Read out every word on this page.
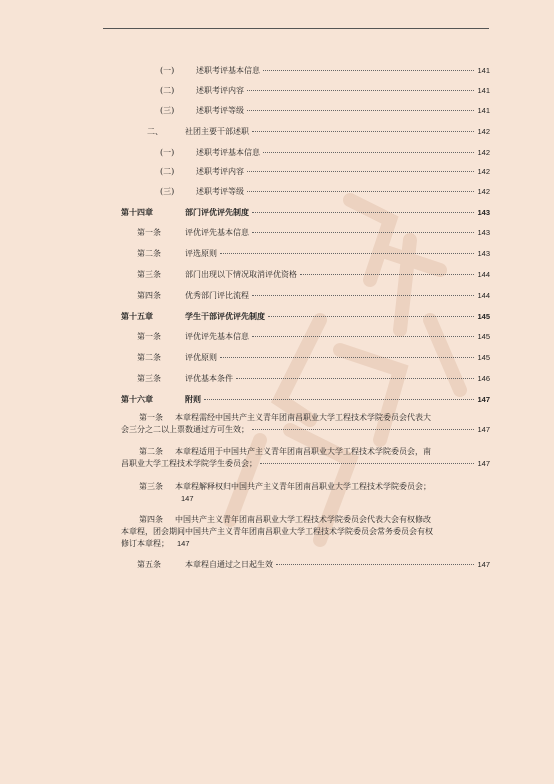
(一)	述职考评基本信息	141
(二)	述职考评内容	141
(三)	述职考评等级	141
二、	社团主要干部述职	142
(一)	述职考评基本信息	142
(二)	述职考评内容	142
(三)	述职考评等级	142
第十四章	部门评优评先制度	143
第一条	评优评先基本信息	143
第二条	评选原则	143
第三条	部门出现以下情况取消评优资格	144
第四条	优秀部门评比流程	144
第十五章	学生干部评优评先制度	145
第一条	评优评先基本信息	145
第二条	评优原则	145
第三条	评优基本条件	146
第十六章	附则	147
第一条 本章程需经中国共产主义青年团南昌职业大学工程技术学院委员会代表大
会三分之二以上票数通过方可生效；	147
第二条 本章程适用于中国共产主义青年团南昌职业大学工程技术学院委员会，南
昌职业大学工程技术学院学生委员会；	147
第三条 本章程解释权归中国共产主义青年团南昌职业大学工程技术学院委员会；
147
第四条 中国共产主义青年团南昌职业大学工程技术学院委员会代表大会有权修改
本章程，团会期间中国共产主义青年团南昌职业大学工程技术学院委员会常务委员会有权
修订本章程； 147
第五条	本章程自通过之日起生效	147
